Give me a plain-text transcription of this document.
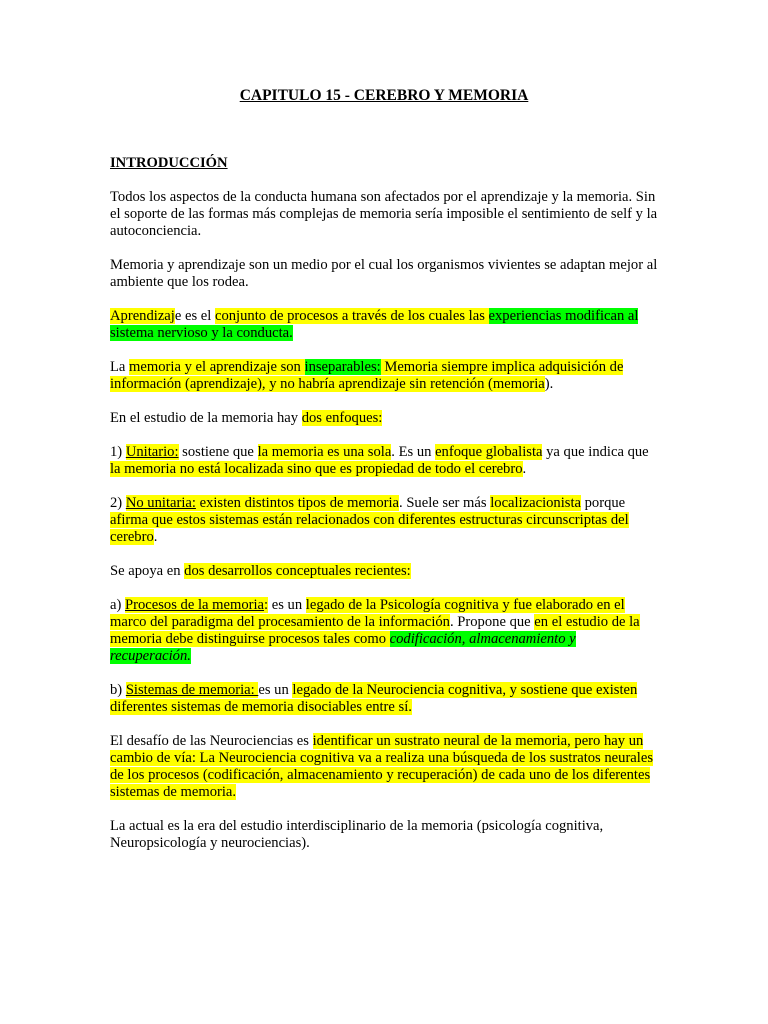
CAPITULO 15 - CEREBRO Y MEMORIA
INTRODUCCIÓN

Todos los aspectos de la conducta humana son afectados por el aprendizaje y la memoria. Sin el soporte de las formas más complejas de memoria sería imposible el sentimiento de self y la autoconciencia.

Memoria y aprendizaje son un medio por el cual los organismos vivientes se adaptan mejor al ambiente que los rodea.

Aprendizaje es el conjunto de procesos a través de los cuales las experiencias modifican al sistema nervioso y la conducta.

La memoria y el aprendizaje son inseparables: Memoria siempre implica adquisición de información (aprendizaje), y no habría aprendizaje sin retención (memoria).

En el estudio de la memoria hay dos enfoques:

1) Unitario: sostiene que la memoria es una sola. Es un enfoque globalista ya que indica que la memoria no está localizada sino que es propiedad de todo el cerebro.

2) No unitaria: existen distintos tipos de memoria. Suele ser más localizacionista porque afirma que estos sistemas están relacionados con diferentes estructuras circunscriptas del cerebro.

Se apoya en dos desarrollos conceptuales recientes:

a) Procesos de la memoria: es un legado de la Psicología cognitiva y fue elaborado en el marco del paradigma del procesamiento de la información. Propone que en el estudio de la memoria debe distinguirse procesos tales como codificación, almacenamiento y recuperación.

b) Sistemas de memoria: es un legado de la Neurociencia cognitiva, y sostiene que existen diferentes sistemas de memoria disociables entre sí.

El desafío de las Neurociencias es identificar un sustrato neural de la memoria, pero hay un cambio de vía: La Neurociencia cognitiva va a realiza una búsqueda de los sustratos neurales de los procesos (codificación, almacenamiento y recuperación) de cada uno de los diferentes sistemas de memoria.

La actual es la era del estudio interdisciplinario de la memoria (psicología cognitiva, Neuropsicología y neurociencias).
